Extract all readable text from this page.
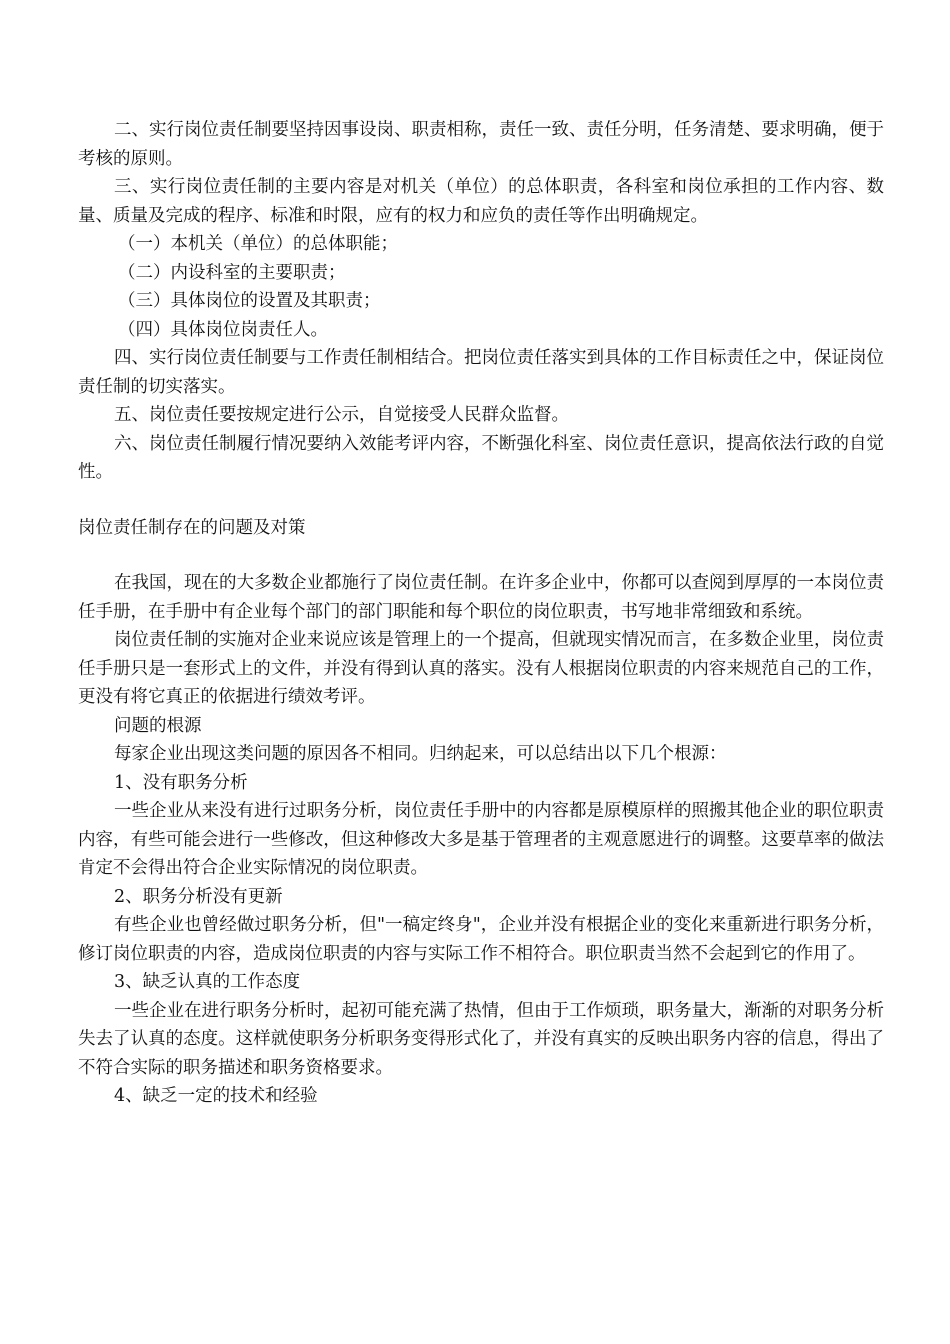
二、实行岗位责任制要坚持因事设岗、职责相称，责任一致、责任分明，任务清楚、要求明确，便于考核的原则。

三、实行岗位责任制的主要内容是对机关（单位）的总体职责，各科室和岗位承担的工作内容、数量、质量及完成的程序、标准和时限，应有的权力和应负的责任等作出明确规定。

（一）本机关（单位）的总体职能；

（二）内设科室的主要职责；

（三）具体岗位的设置及其职责；

（四）具体岗位岗责任人。

四、实行岗位责任制要与工作责任制相结合。把岗位责任落实到具体的工作目标责任之中，保证岗位责任制的切实落实。

五、岗位责任要按规定进行公示，自觉接受人民群众监督。

六、岗位责任制履行情况要纳入效能考评内容，不断强化科室、岗位责任意识，提高依法行政的自觉性。

岗位责任制存在的问题及对策

在我国，现在的大多数企业都施行了岗位责任制。在许多企业中，你都可以查阅到厚厚的一本岗位责任手册，在手册中有企业每个部门的部门职能和每个职位的岗位职责，书写地非常细致和系统。

岗位责任制的实施对企业来说应该是管理上的一个提高，但就现实情况而言，在多数企业里，岗位责任手册只是一套形式上的文件，并没有得到认真的落实。没有人根据岗位职责的内容来规范自己的工作，更没有将它真正的依据进行绩效考评。

问题的根源

每家企业出现这类问题的原因各不相同。归纳起来，可以总结出以下几个根源：

1、没有职务分析

一些企业从来没有进行过职务分析，岗位责任手册中的内容都是原模原样的照搬其他企业的职位职责内容，有些可能会进行一些修改，但这种修改大多是基于管理者的主观意愿进行的调整。这要草率的做法肯定不会得出符合企业实际情况的岗位职责。

2、职务分析没有更新

有些企业也曾经做过职务分析，但"一稿定终身"，企业并没有根据企业的变化来重新进行职务分析，修订岗位职责的内容，造成岗位职责的内容与实际工作不相符合。职位职责当然不会起到它的作用了。

3、缺乏认真的工作态度

一些企业在进行职务分析时，起初可能充满了热情，但由于工作烦琐，职务量大，渐渐的对职务分析失去了认真的态度。这样就使职务分析职务变得形式化了，并没有真实的反映出职务内容的信息，得出了不符合实际的职务描述和职务资格要求。

4、缺乏一定的技术和经验
